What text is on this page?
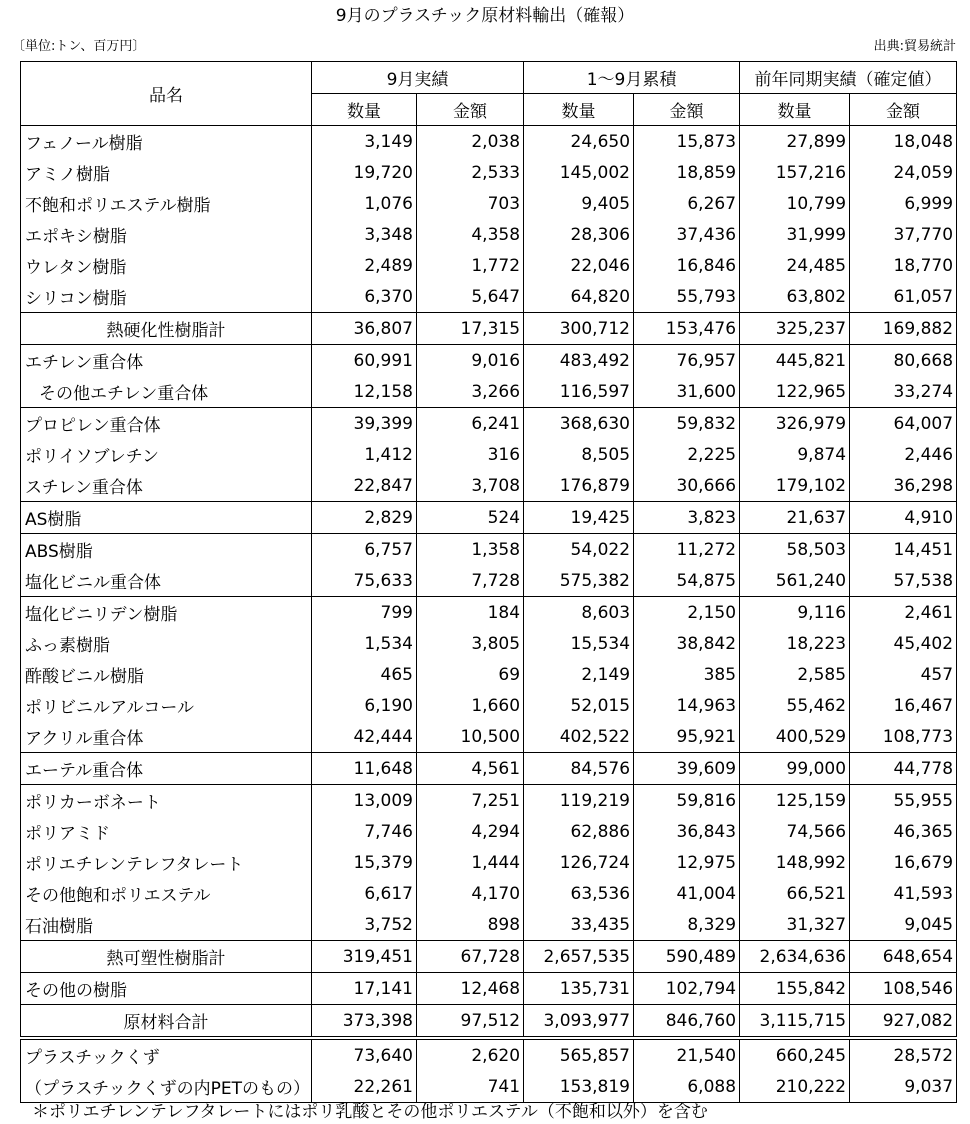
9月のプラスチック原材料輸出（確報）
〔単位:トン、百万円〕	出典:貿易統計
品名	9月実績		1～9月累積		前年同期実績（確定値）	
	数量	金額	数量	金額	数量	金額
フェノール樹脂	3,149	2,038	24,650	15,873	27,899	18,048
アミノ樹脂	19,720	2,533	145,002	18,859	157,216	24,059
不飽和ポリエステル樹脂	1,076	703	9,405	6,267	10,799	6,999
エポキシ樹脂	3,348	4,358	28,306	37,436	31,999	37,770
ウレタン樹脂	2,489	1,772	22,046	16,846	24,485	18,770
シリコン樹脂	6,370	5,647	64,820	55,793	63,802	61,057
熱硬化性樹脂計	36,807	17,315	300,712	153,476	325,237	169,882
エチレン重合体	60,991	9,016	483,492	76,957	445,821	80,668
その他エチレン重合体	12,158	3,266	116,597	31,600	122,965	33,274
プロピレン重合体	39,399	6,241	368,630	59,832	326,979	64,007
ポリイソブレチン	1,412	316	8,505	2,225	9,874	2,446
スチレン重合体	22,847	3,708	176,879	30,666	179,102	36,298
AS樹脂	2,829	524	19,425	3,823	21,637	4,910
ABS樹脂	6,757	1,358	54,022	11,272	58,503	14,451
塩化ビニル重合体	75,633	7,728	575,382	54,875	561,240	57,538
塩化ビニリデン樹脂	799	184	8,603	2,150	9,116	2,461
ふっ素樹脂	1,534	3,805	15,534	38,842	18,223	45,402
酢酸ビニル樹脂	465	69	2,149	385	2,585	457
ポリビニルアルコール	6,190	1,660	52,015	14,963	55,462	16,467
アクリル重合体	42,444	10,500	402,522	95,921	400,529	108,773
エーテル重合体	11,648	4,561	84,576	39,609	99,000	44,778
ポリカーボネート	13,009	7,251	119,219	59,816	125,159	55,955
ポリアミド	7,746	4,294	62,886	36,843	74,566	46,365
ポリエチレンテレフタレート	15,379	1,444	126,724	12,975	148,992	16,679
その他飽和ポリエステル	6,617	4,170	63,536	41,004	66,521	41,593
石油樹脂	3,752	898	33,435	8,329	31,327	9,045
熱可塑性樹脂計	319,451	67,728	2,657,535	590,489	2,634,636	648,654
その他の樹脂	17,141	12,468	135,731	102,794	155,842	108,546
原材料合計	373,398	97,512	3,093,977	846,760	3,115,715	927,082
プラスチックくず	73,640	2,620	565,857	21,540	660,245	28,572
（プラスチックくずの内PETのもの）	22,261	741	153,819	6,088	210,222	9,037
＊ポリエチレンテレフタレートにはポリ乳酸とその他ポリエステル（不飽和以外）を含む
